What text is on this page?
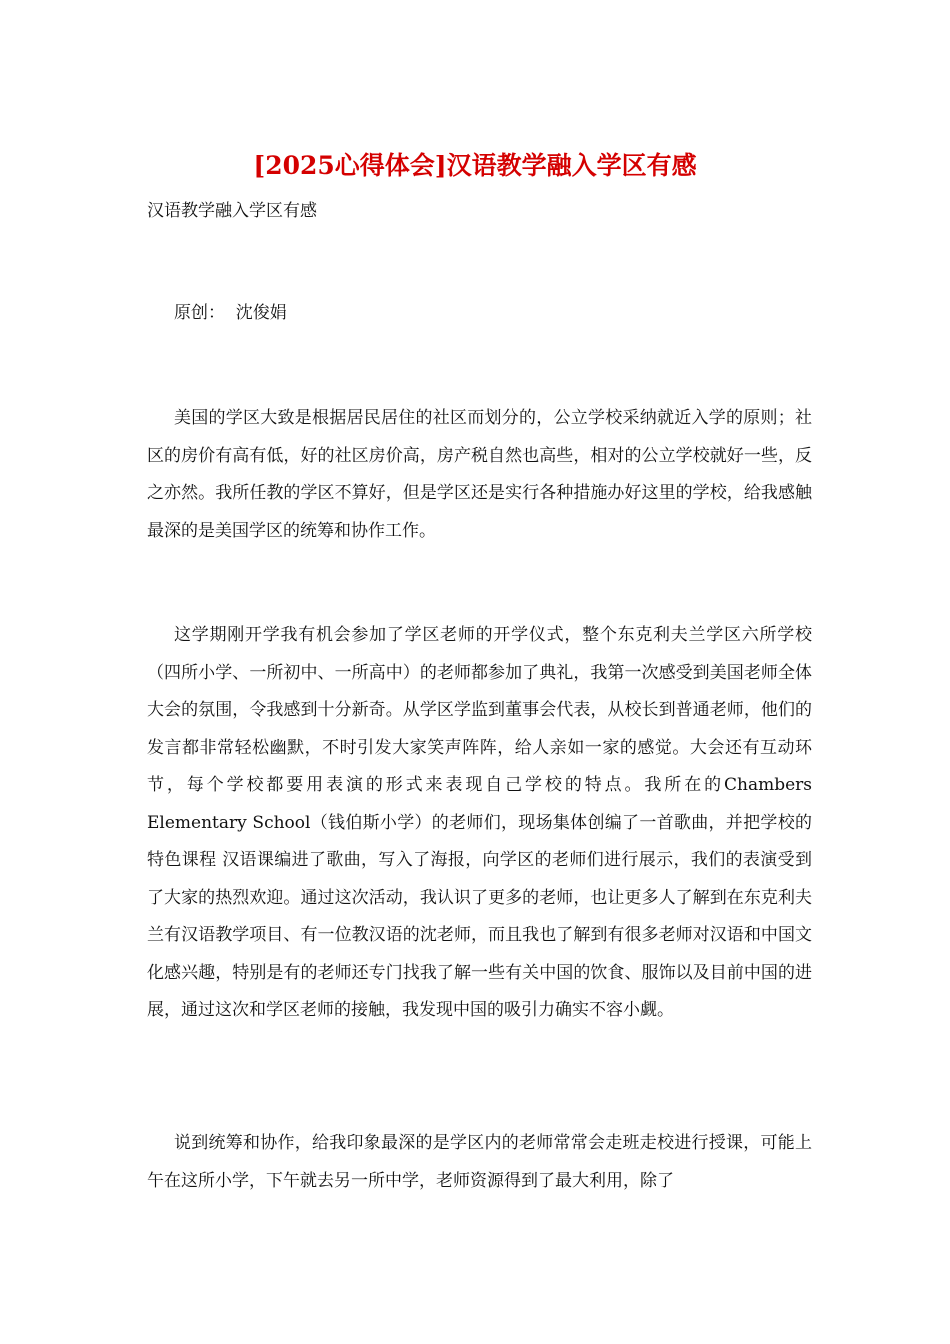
[2025心得体会]汉语教学融入学区有感

汉语教学融入学区有感

原创：  沈俊娟

美国的学区大致是根据居民居住的社区而划分的，公立学校采纳就近入学的原则；社区的房价有高有低，好的社区房价高，房产税自然也高些，相对的公立学校就好一些，反之亦然。我所任教的学区不算好，但是学区还是实行各种措施办好这里的学校，给我感触最深的是美国学区的统筹和协作工作。

这学期刚开学我有机会参加了学区老师的开学仪式，整个东克利夫兰学区六所学校（四所小学、一所初中、一所高中）的老师都参加了典礼，我第一次感受到美国老师全体大会的氛围，令我感到十分新奇。从学区学监到董事会代表，从校长到普通老师，他们的发言都非常轻松幽默，不时引发大家笑声阵阵，给人亲如一家的感觉。大会还有互动环节，每个学校都要用表演的形式来表现自己学校的特点。我所在的Chambers Elementary School（钱伯斯小学）的老师们，现场集体创编了一首歌曲，并把学校的特色课程 汉语课编进了歌曲，写入了海报，向学区的老师们进行展示，我们的表演受到了大家的热烈欢迎。通过这次活动，我认识了更多的老师，也让更多人了解到在东克利夫兰有汉语教学项目、有一位教汉语的沈老师，而且我也了解到有很多老师对汉语和中国文化感兴趣，特别是有的老师还专门找我了解一些有关中国的饮食、服饰以及目前中国的进展，通过这次和学区老师的接触，我发现中国的吸引力确实不容小觑。

说到统筹和协作，给我印象最深的是学区内的老师常常会走班走校进行授课，可能上午在这所小学，下午就去另一所中学，老师资源得到了最大利用，除了
